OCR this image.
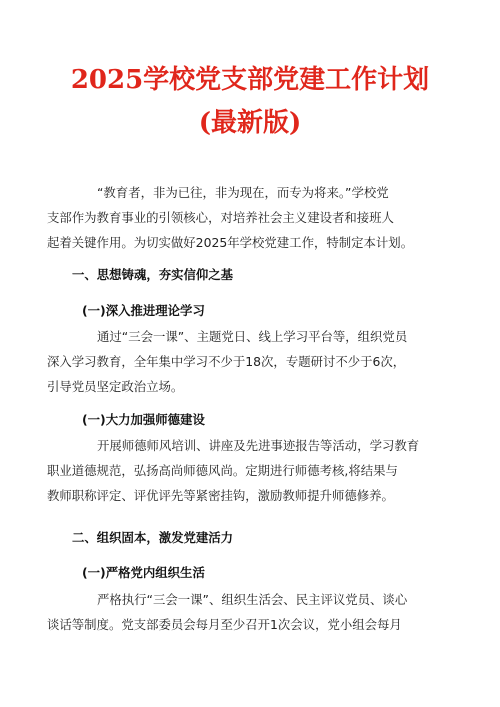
2025学校党支部党建工作计划
(最新版)
“教育者，非为已往，非为现在，而专为将来。”学校党
支部作为教育事业的引领核心，对培养社会主义建设者和接班人
起着关键作用。为切实做好2025年学校党建工作，特制定本计划。
一、思想铸魂，夯实信仰之基
(一)深入推进理论学习
通过“三会一课”、主题党日、线上学习平台等，组织党员
深入学习教育，全年集中学习不少于18次，专题研讨不少于6次，
引导党员坚定政治立场。
(一)大力加强师德建设
开展师德师风培训、讲座及先进事迹报告等活动，学习教育
职业道德规范，弘扬高尚师德风尚。定期进行师德考核,将结果与
教师职称评定、评优评先等紧密挂钩，激励教师提升师德修养。
二、组织固本，激发党建活力
(一)严格党内组织生活
严格执行“三会一课”、组织生活会、民主评议党员、谈心
谈话等制度。党支部委员会每月至少召开1次会议，党小组会每月
